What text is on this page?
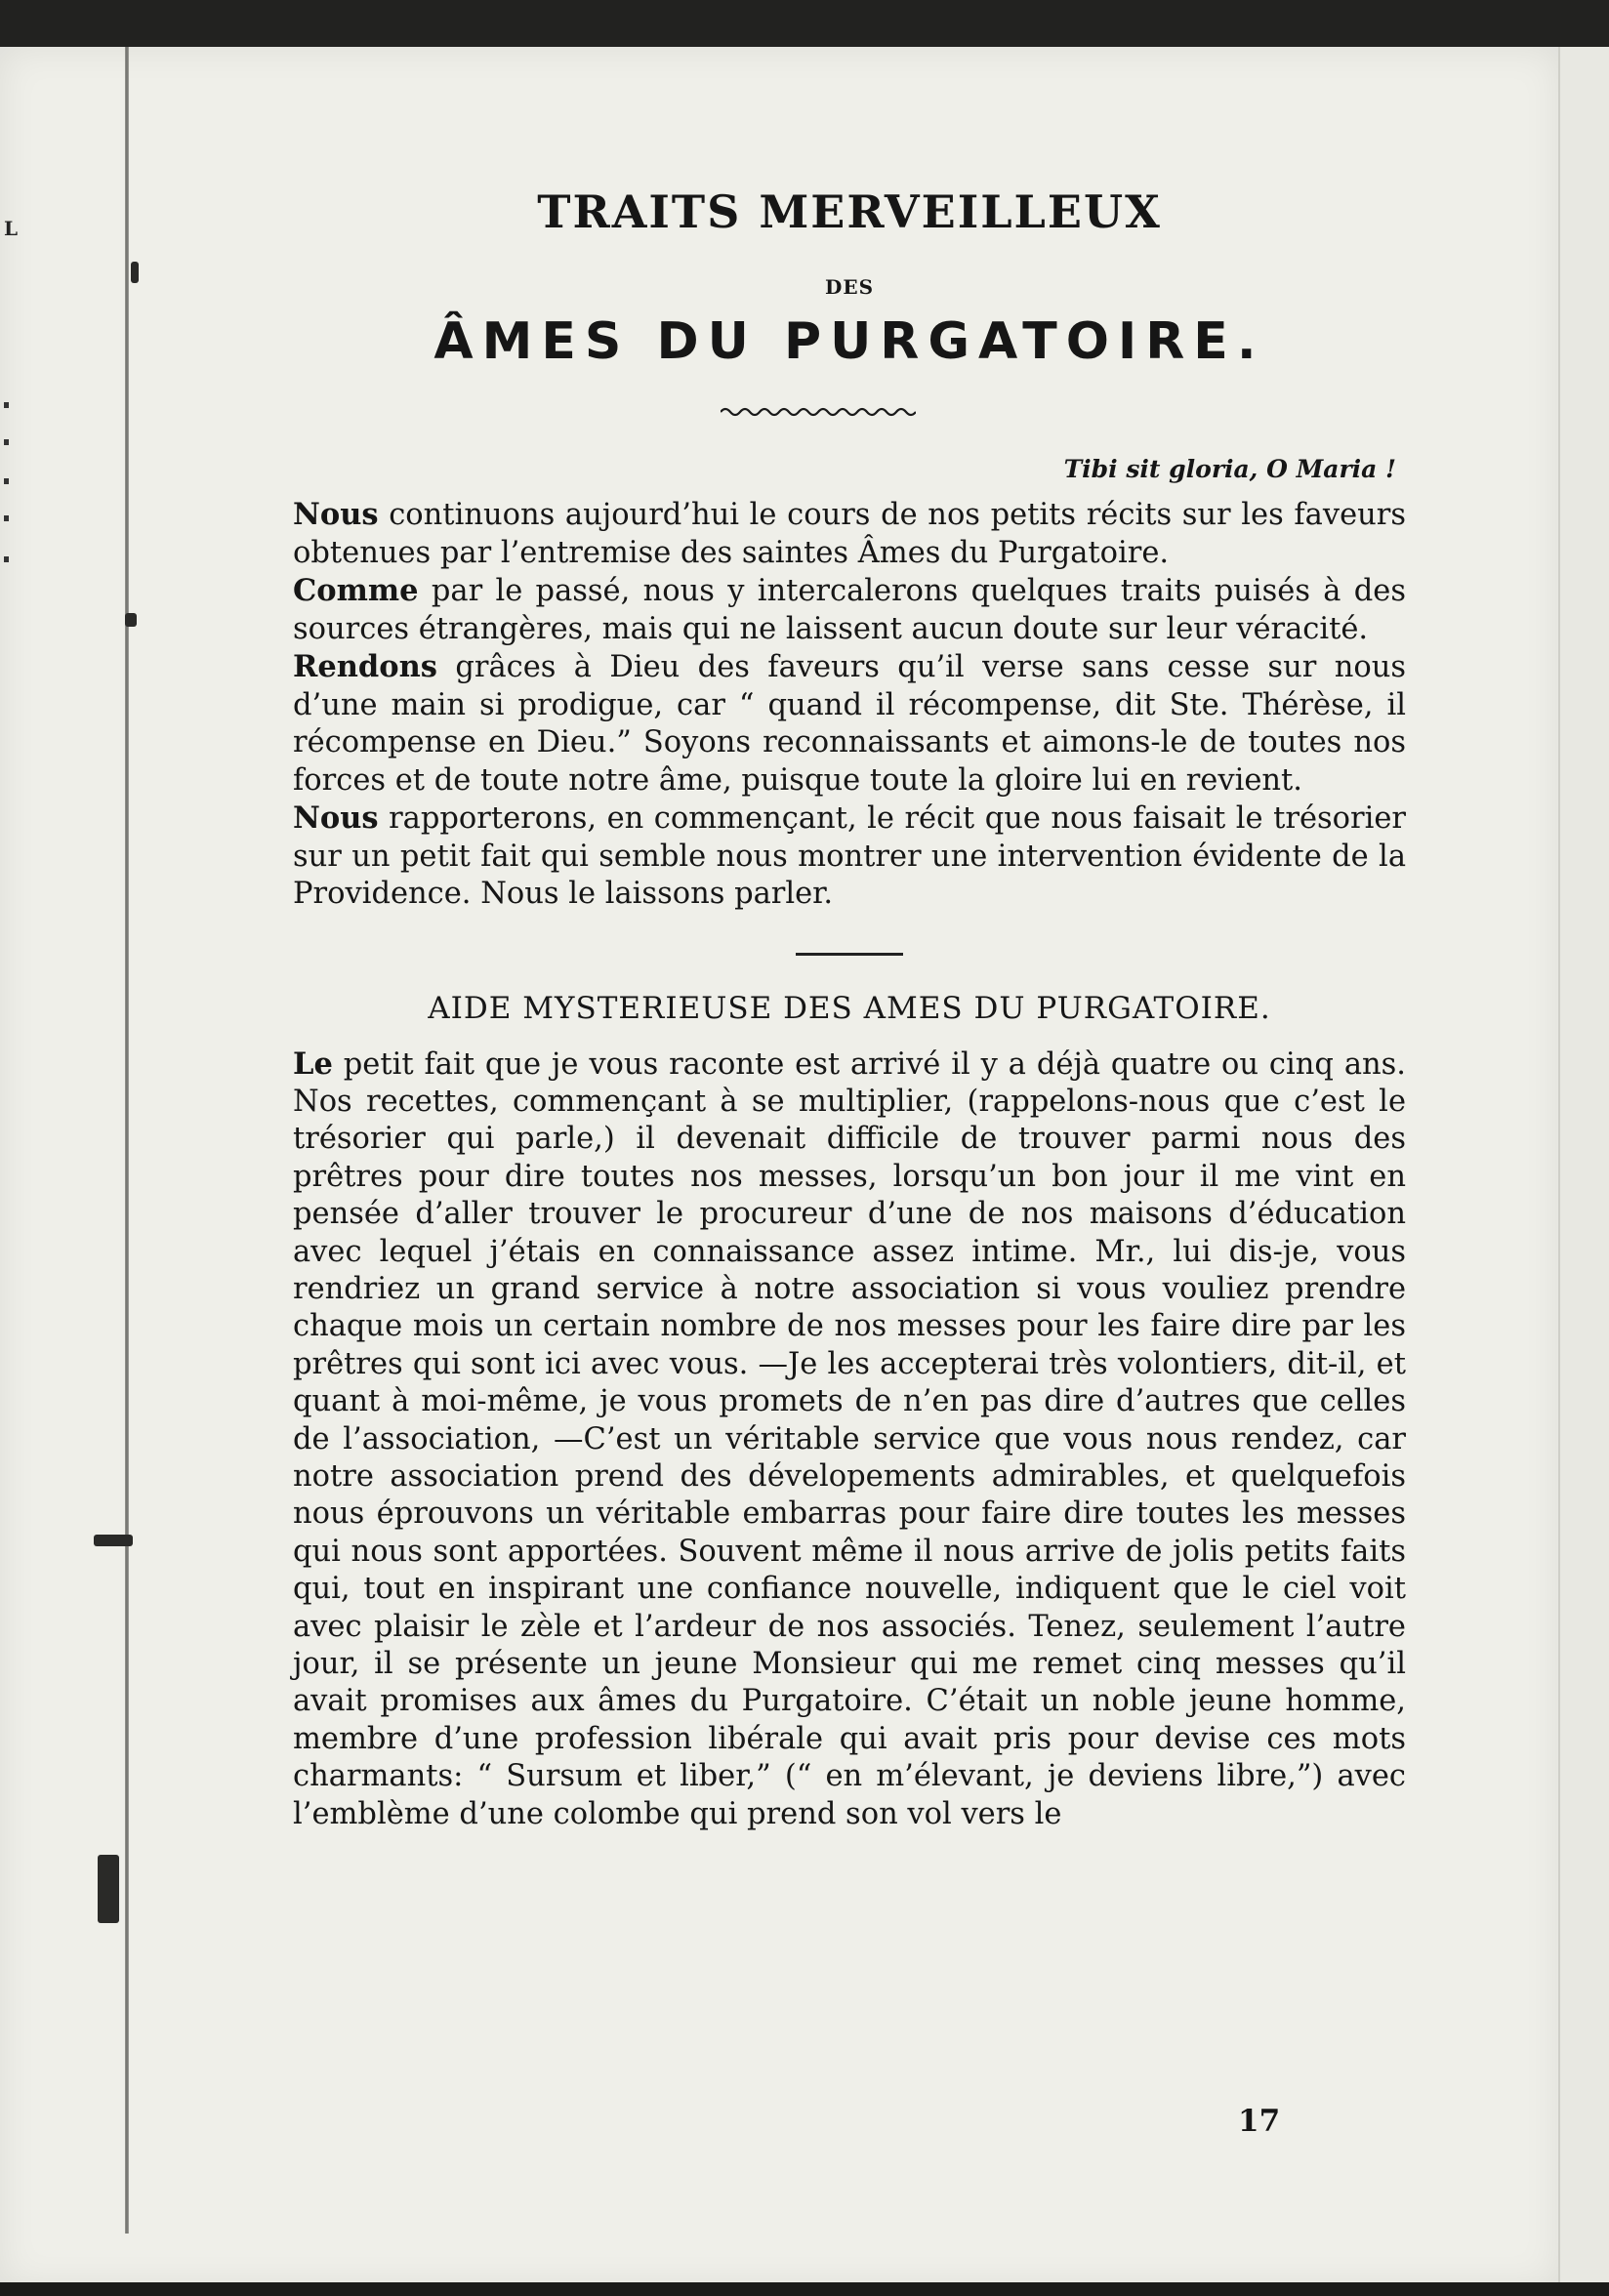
L	TRAITS MERVEILLEUX
DES
ÂMES DU PURGATOIRE.
Tibi sit gloria, O Maria !

Nous continuons aujourd’hui le cours de nos petits récits sur les faveurs obtenues par l’entremise des saintes Âmes du Purgatoire.

Comme par le passé, nous y intercalerons quelques traits puisés à des sources étrangères, mais qui ne laissent aucun doute sur leur véracité.

Rendons grâces à Dieu des faveurs qu’il verse sans cesse sur nous d’une main si prodigue, car “ quand il récompense, dit Ste. Thérèse, il récompense en Dieu.” Soyons reconnaissants et aimons-le de toutes nos forces et de toute notre âme, puisque toute la gloire lui en revient.

Nous rapporterons, en commençant, le récit que nous faisait le trésorier sur un petit fait qui semble nous montrer une intervention évidente de la Providence. Nous le laissons parler.

AIDE MYSTERIEUSE DES AMES DU PURGATOIRE.

Le petit fait que je vous raconte est arrivé il y a déjà quatre ou cinq ans. Nos recettes, commençant à se multiplier, (rappelons-nous que c’est le trésorier qui parle,) il devenait difficile de trouver parmi nous des prêtres pour dire toutes nos messes, lorsqu’un bon jour il me vint en pensée d’aller trouver le procureur d’une de nos maisons d’éducation avec lequel j’étais en connaissance assez intime. Mr., lui dis-je, vous rendriez un grand service à notre association si vous vouliez prendre chaque mois un certain nombre de nos messes pour les faire dire par les prêtres qui sont ici avec vous. —Je les accepterai très volontiers, dit-il, et quant à moi-même, je vous promets de n’en pas dire d’autres que celles de l’association, —C’est un véritable service que vous nous rendez, car notre association prend des dévelopements admirables, et quelquefois nous éprouvons un véritable embarras pour faire dire toutes les messes qui nous sont apportées. Souvent même il nous arrive de jolis petits faits qui, tout en inspirant une confiance nouvelle, indiquent que le ciel voit avec plaisir le zèle et l’ardeur de nos associés. Tenez, seulement l’autre jour, il se présente un jeune Monsieur qui me remet cinq messes qu’il avait promises aux âmes du Purgatoire. C’était un noble jeune homme, membre d’une profession libérale qui avait pris pour devise ces mots charmants: “ Sursum et liber,” (“ en m’élevant, je deviens libre,”) avec l’emblème d’une colombe qui prend son vol vers le

17
